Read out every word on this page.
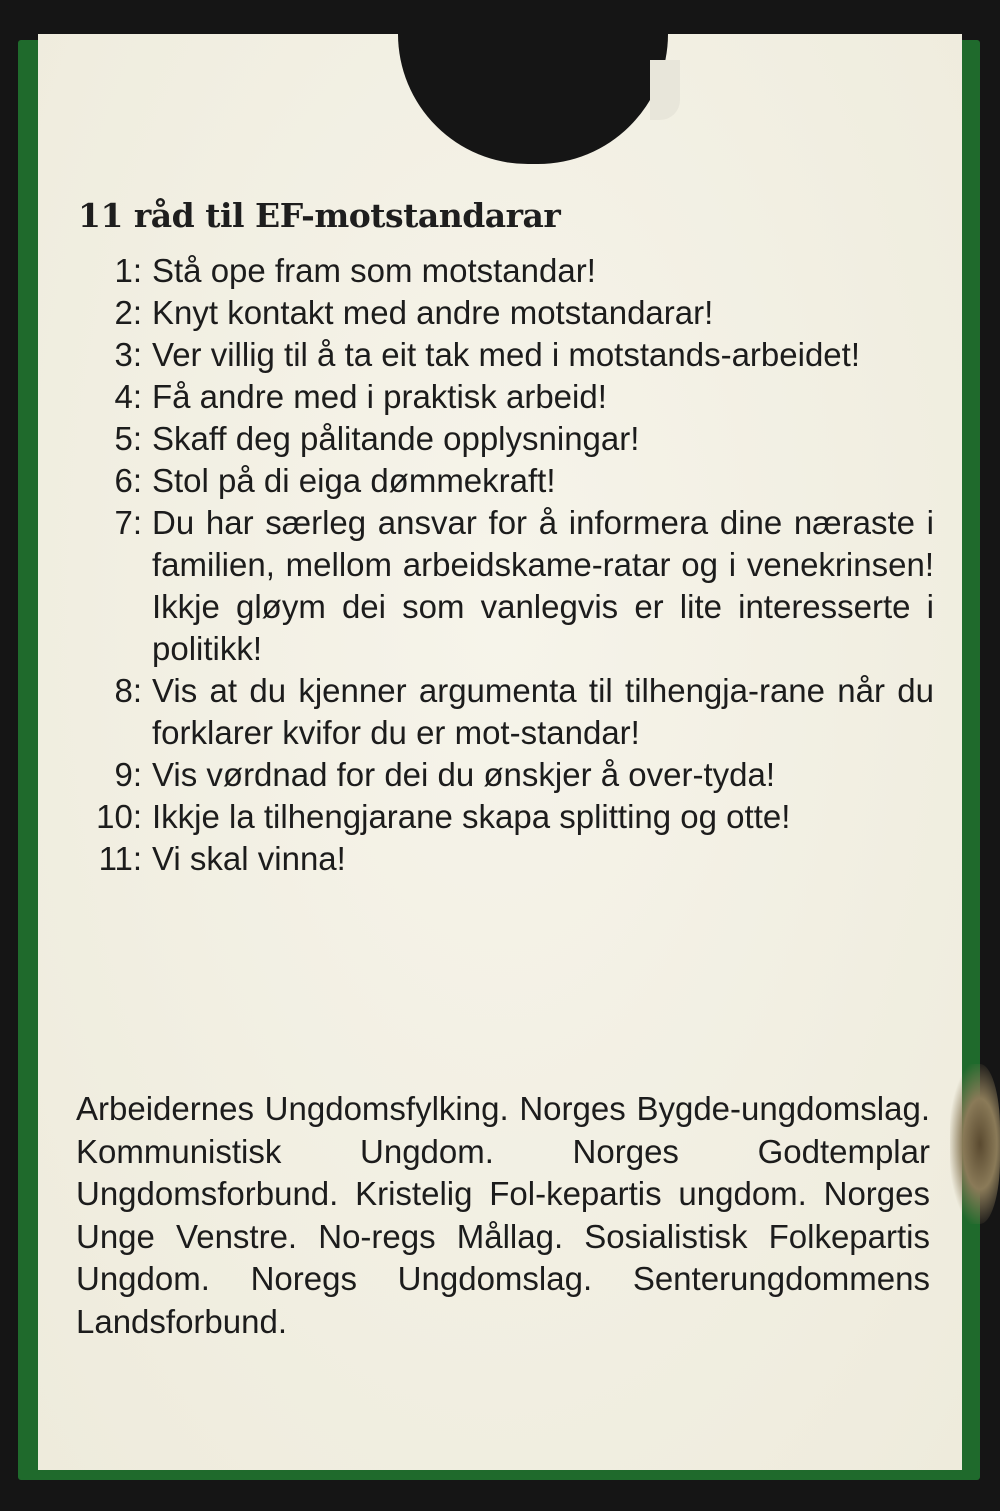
11 råd til EF-motstandarar
1: Stå ope fram som motstandar!
2: Knyt kontakt med andre motstandarar!
3: Ver villig til å ta eit tak med i motstands-arbeidet!
4: Få andre med i praktisk arbeid!
5: Skaff deg pålitande opplysningar!
6: Stol på di eiga dømmekraft!
7: Du har særleg ansvar for å informera dine næraste i familien, mellom arbeidskame-ratar og i venekrinsen! Ikkje gløym dei som vanlegvis er lite interesserte i politikk!
8: Vis at du kjenner argumenta til tilhengja-rane når du forklarer kvifor du er mot-standar!
9: Vis vørdnad for dei du ønskjer å over-tyda!
10: Ikkje la tilhengjarane skapa splitting og otte!
11: Vi skal vinna!

Arbeidernes Ungdomsfylking. Norges Bygde-ungdomslag. Kommunistisk Ungdom. Norges Godtemplar Ungdomsforbund. Kristelig Fol-kepartis ungdom. Norges Unge Venstre. No-regs Mållag. Sosialistisk Folkepartis Ungdom. Noregs Ungdomslag. Senterungdommens Landsforbund.
